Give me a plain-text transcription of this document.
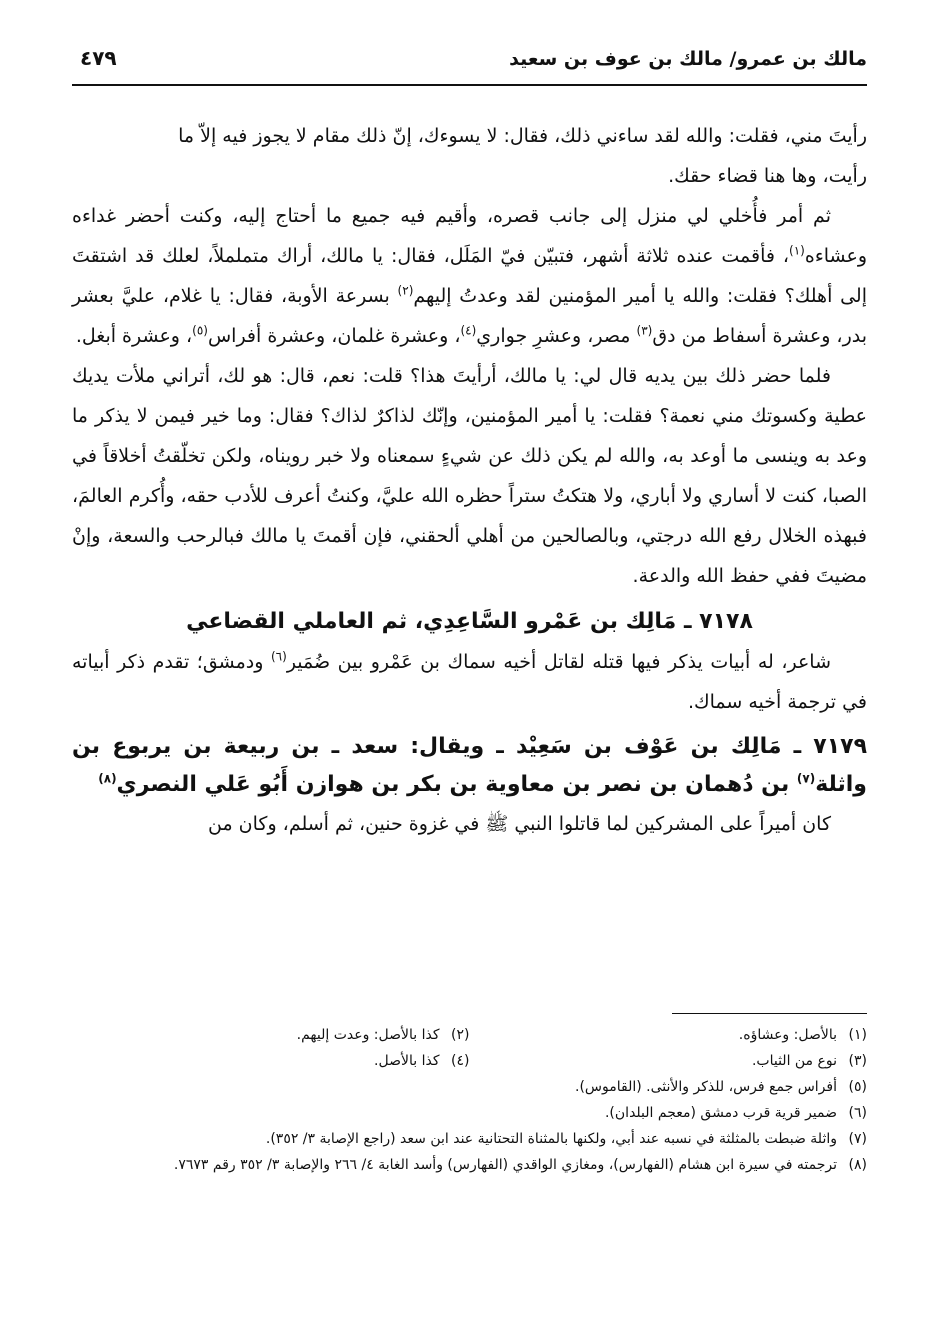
مالك بن عمرو/ مالك بن عوف بن سعيد
٤٧٩

رأيتَ مني، فقلت: والله لقد ساءني ذلك، فقال: لا يسوءك، إنّ ذلك مقام لا يجوز فيه إلاّ ما
رأيت، وها هنا قضاء حقك.

ثم أمر فأُخلي لي منزل إلى جانب قصره، وأقيم فيه جميع ما أحتاج إليه، وكنت أحضر غداءه وعشاءه$^{(١)}$، فأقمت عنده ثلاثة أشهر، فتبيّن فيّ المَلَل، فقال: يا مالك، أراك متململاً، لعلك قد اشتقتَ إلى أهلك؟ فقلت: والله يا أمير المؤمنين لقد وعدتُ إليهم$^{(٢)}$ بسرعة الأوبة، فقال: يا غلام، عليَّ بعشر بدر، وعشرة أسفاط من دق$^{(٣)}$ مصر، وعشرِ جواري$^{(٤)}$، وعشرة غلمان، وعشرة أفراس$^{(٥)}$، وعشرة أبغل.

فلما حضر ذلك بين يديه قال لي: يا مالك، أرأيتَ هذا؟ قلت: نعم، قال: هو لك، أتراني ملأت يديك عطية وكسوتك مني نعمة؟ فقلت: يا أمير المؤمنين، وإنّك لذاكرٌ لذاك؟ فقال: وما خير فيمن لا يذكر ما وعد به وينسى ما أوعد به، والله لم يكن ذلك عن شيءٍ سمعناه ولا خبر رويناه، ولكن تخلّقتُ أخلاقاً في الصبا، كنت لا أساري ولا أباري، ولا هتكتُ ستراً حظره الله عليَّ، وكنتُ أعرف للأدب حقه، وأُكرم العالمَ، فبهذه الخلال رفع الله درجتي، وبالصالحين من أهلي ألحقني، فإن أقمتَ يا مالك فبالرحب والسعة، وإنْ مضيتَ ففي حفظ الله والدعة.

٧١٧٨ ـ مَالِك بن عَمْرو السَّاعِدِي، ثم العاملي القضاعي

شاعر، له أبيات يذكر فيها قتله لقاتل أخيه سماك بن عَمْرو بين ضُمَير$^{(٦)}$ ودمشق؛ تقدم ذكر أبياته في ترجمة أخيه سماك.

٧١٧٩ ـ مَالِك بن عَوْف بن سَعِيْد ـ ويقال: سعد ـ بن ربيعة بن يربوع بن واثلة$^{(٧)}$ بن دُهمان بن نصر بن معاوية بن بكر بن هوازن أَبُو عَلي النصري$^{(٨)}$

كان أميراً على المشركين لما قاتلوا النبي ﷺ في غزوة حنين، ثم أسلم، وكان من

(١)بالأصل: وعشاؤه.
(٢)كذا بالأصل: وعدت إليهم.
(٣)نوع من الثياب.
(٤)كذا بالأصل.

(٥)أفراس جمع فرس، للذكر والأنثى. (القاموس).

(٦)ضمير قرية قرب دمشق (معجم البلدان).

(٧)واثلة ضبطت بالمثلثة في نسبه عند أبي، ولكنها بالمثناة التحتانية عند ابن سعد (راجع الإصابة ٣/ ٣٥٢).

(٨)ترجمته في سيرة ابن هشام (الفهارس)، ومغازي الواقدي (الفهارس) وأسد الغابة ٤/ ٢٦٦ والإصابة ٣/ ٣٥٢ رقم ٧٦٧٣.
